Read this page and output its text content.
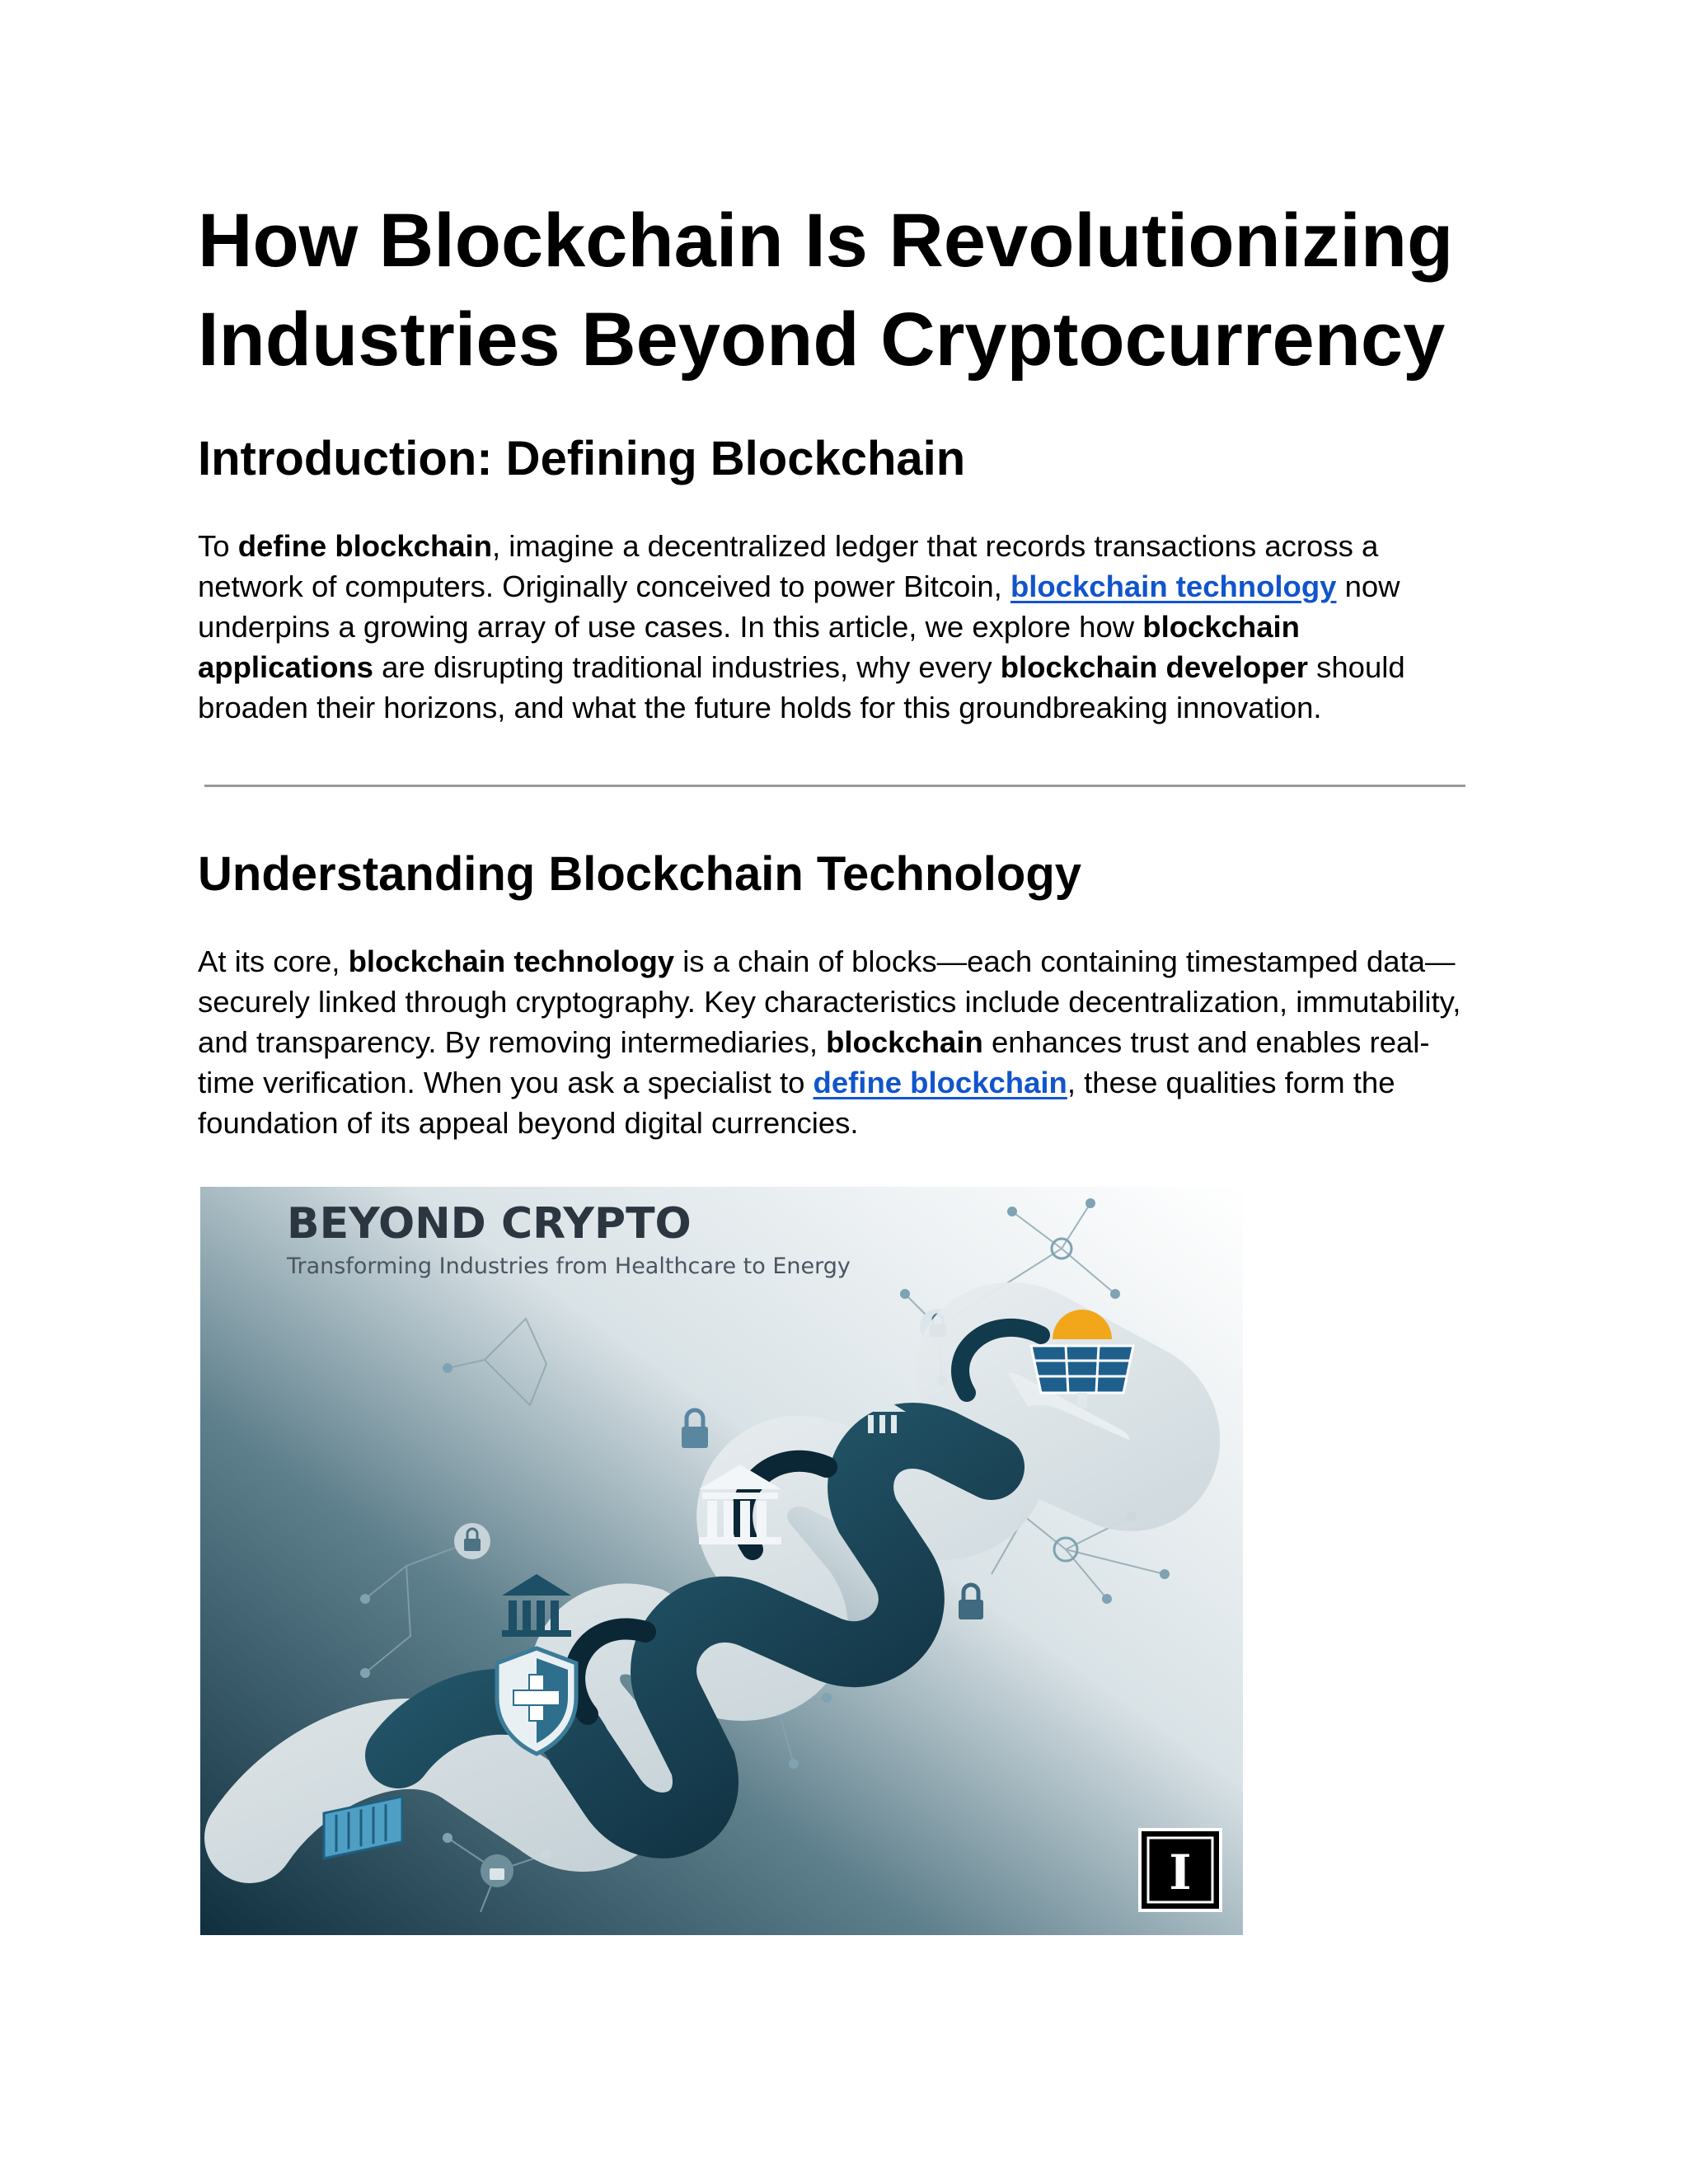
How Blockchain Is Revolutionizing Industries Beyond Cryptocurrency
Introduction: Defining Blockchain

To define blockchain, imagine a decentralized ledger that records transactions across a network of computers. Originally conceived to power Bitcoin, blockchain technology now underpins a growing array of use cases. In this article, we explore how blockchain applications are disrupting traditional industries, why every blockchain developer should broaden their horizons, and what the future holds for this groundbreaking innovation.

Understanding Blockchain Technology

At its core, blockchain technology is a chain of blocks—each containing timestamped data—securely linked through cryptography. Key characteristics include decentralization, immutability, and transparency. By removing intermediaries, blockchain enhances trust and enables real-time verification. When you ask a specialist to define blockchain, these qualities form the foundation of its appeal beyond digital currencies.

BEYOND CRYPTO
Transforming Industries from Healthcare to Energy
I
